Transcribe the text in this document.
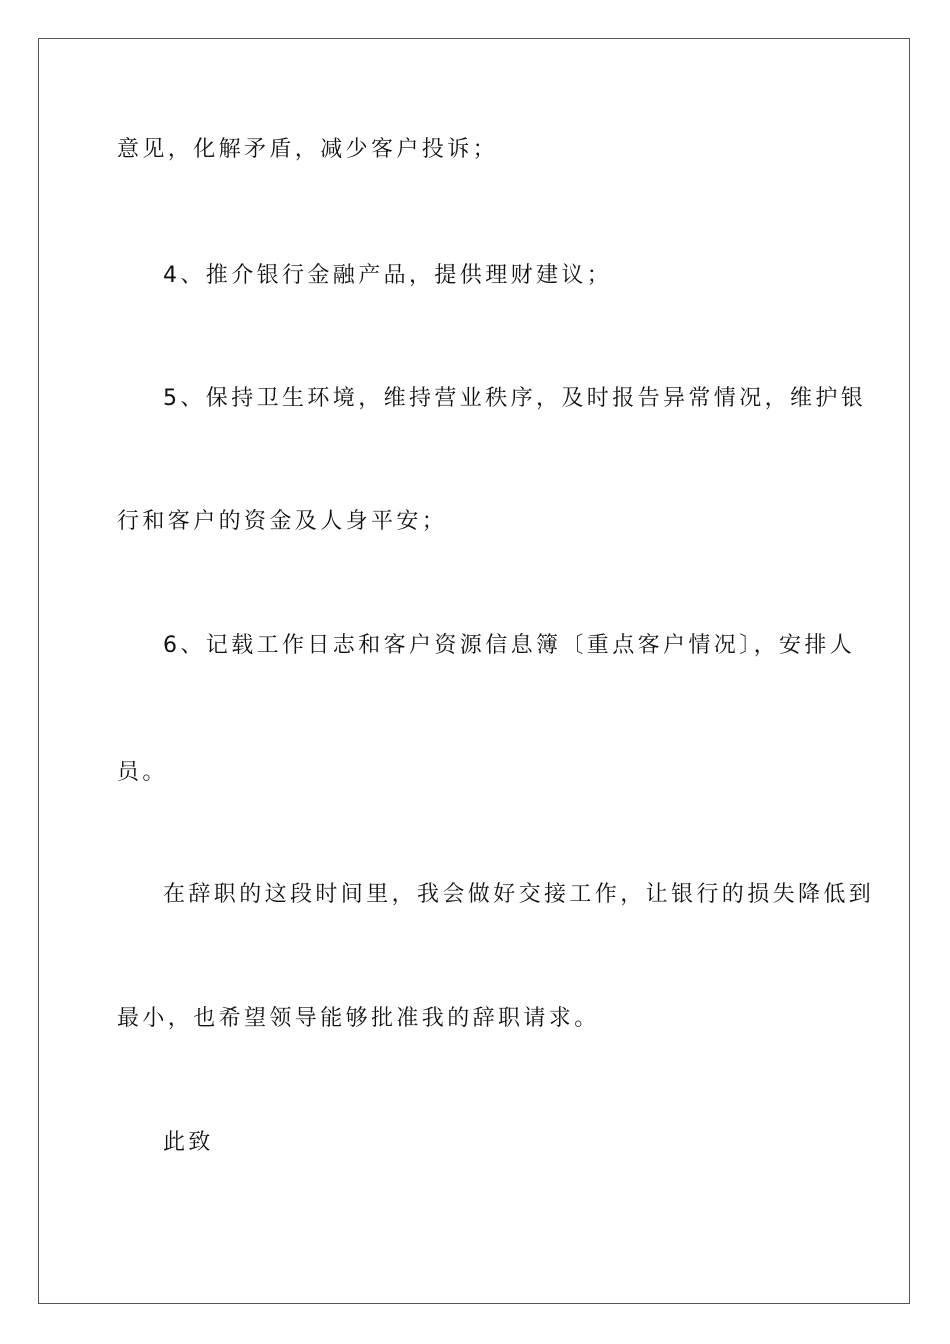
意见，化解矛盾，减少客户投诉；
4、推介银行金融产品，提供理财建议；
5、保持卫生环境，维持营业秩序，及时报告异常情况，维护银
行和客户的资金及人身平安；
6、记载工作日志和客户资源信息簿〔重点客户情况〕，安排人
员。
在辞职的这段时间里，我会做好交接工作，让银行的损失降低到
最小，也希望领导能够批准我的辞职请求。
此致
